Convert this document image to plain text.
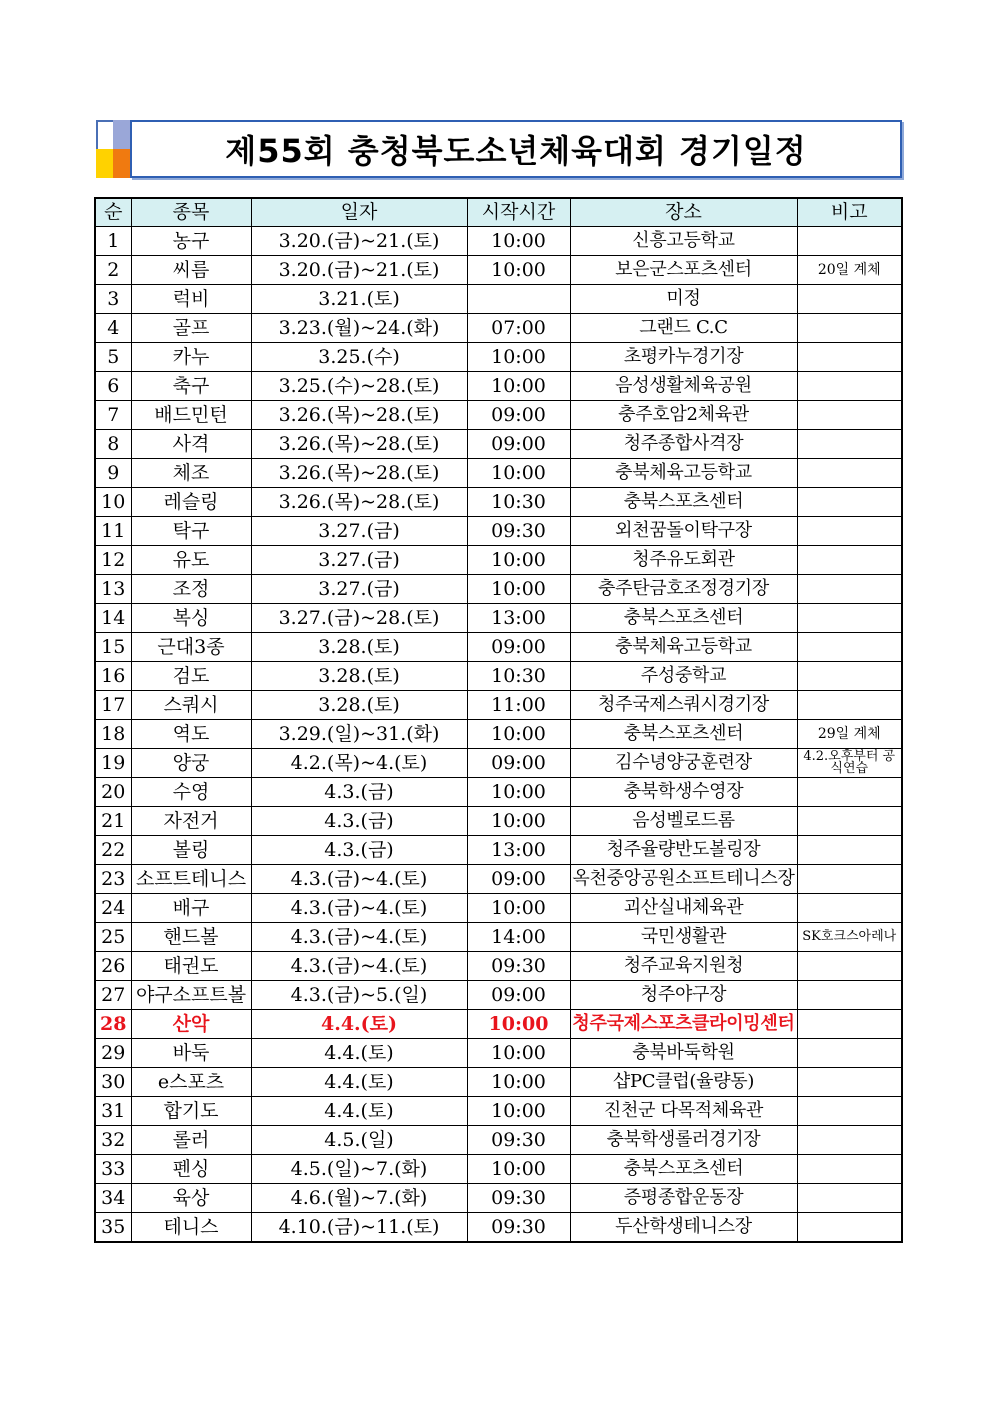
제55회 충청북도소년체육대회 경기일정
순	종목	일자	시작시간	장소	비고
1	농구	3.20.(금)~21.(토)	10:00	신흥고등학교	
2	씨름	3.20.(금)~21.(토)	10:00	보은군스포츠센터	20일 계체
3	럭비	3.21.(토)		미정	
4	골프	3.23.(월)~24.(화)	07:00	그랜드 C.C	
5	카누	3.25.(수)	10:00	초평카누경기장	
6	축구	3.25.(수)~28.(토)	10:00	음성생활체육공원	
7	배드민턴	3.26.(목)~28.(토)	09:00	충주호암2체육관	
8	사격	3.26.(목)~28.(토)	09:00	청주종합사격장	
9	체조	3.26.(목)~28.(토)	10:00	충북체육고등학교	
10	레슬링	3.26.(목)~28.(토)	10:30	충북스포츠센터	
11	탁구	3.27.(금)	09:30	외천꿈돌이탁구장	
12	유도	3.27.(금)	10:00	청주유도회관	
13	조정	3.27.(금)	10:00	충주탄금호조정경기장	
14	복싱	3.27.(금)~28.(토)	13:00	충북스포츠센터	
15	근대3종	3.28.(토)	09:00	충북체육고등학교	
16	검도	3.28.(토)	10:30	주성중학교	
17	스쿼시	3.28.(토)	11:00	청주국제스쿼시경기장	
18	역도	3.29.(일)~31.(화)	10:00	충북스포츠센터	29일 계체
19	양궁	4.2.(목)~4.(토)	09:00	김수녕양궁훈련장	4.2.오후부터 공식연습
20	수영	4.3.(금)	10:00	충북학생수영장	
21	자전거	4.3.(금)	10:00	음성벨로드롬	
22	볼링	4.3.(금)	13:00	청주율량반도볼링장	
23	소프트테니스	4.3.(금)~4.(토)	09:00	옥천중앙공원소프트테니스장	
24	배구	4.3.(금)~4.(토)	10:00	괴산실내체육관	
25	핸드볼	4.3.(금)~4.(토)	14:00	국민생활관	SK호크스아레나
26	태권도	4.3.(금)~4.(토)	09:30	청주교육지원청	
27	야구소프트볼	4.3.(금)~5.(일)	09:00	청주야구장	
28	산악	4.4.(토)	10:00	청주국제스포츠클라이밍센터	
29	바둑	4.4.(토)	10:00	충북바둑학원	
30	e스포츠	4.4.(토)	10:00	샵PC클럽(율량동)	
31	합기도	4.4.(토)	10:00	진천군 다목적체육관	
32	롤러	4.5.(일)	09:30	충북학생롤러경기장	
33	펜싱	4.5.(일)~7.(화)	10:00	충북스포츠센터	
34	육상	4.6.(월)~7.(화)	09:30	증평종합운동장	
35	테니스	4.10.(금)~11.(토)	09:30	두산학생테니스장	
